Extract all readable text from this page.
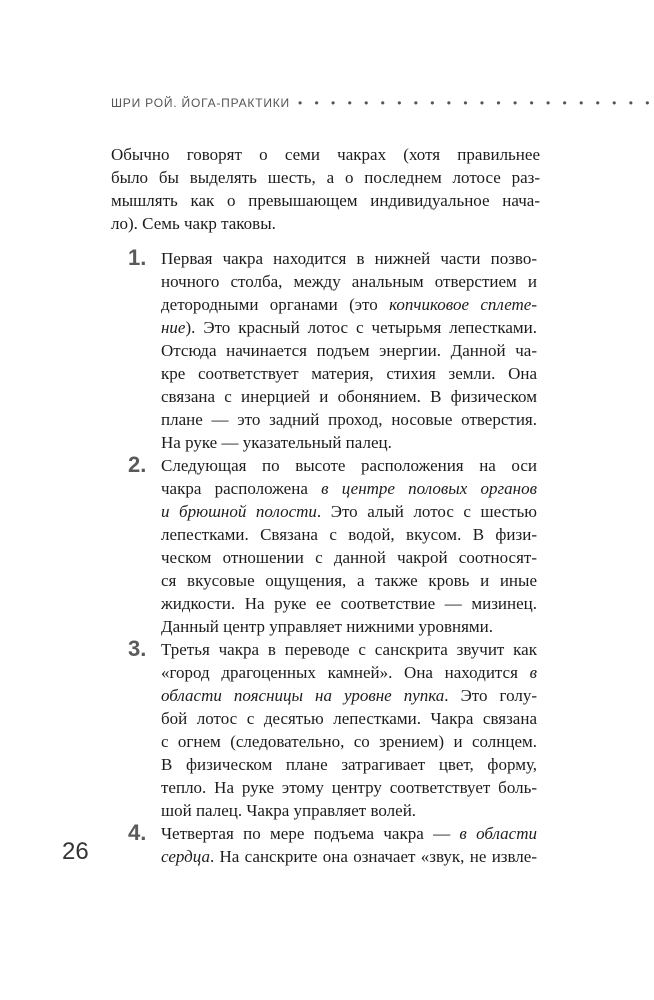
ШРИ РОЙ. ЙОГА-ПРАКТИКИ • • • • • • • • • • • • • • • • • • • • • •
Обычно говорят о семи чакрах (хотя правильнее
было бы выделять шесть, а о последнем лотосе раз-
мышлять как о превышающем индивидуальное нача-
ло). Семь чакр таковы.
1. Первая чакра находится в нижней части позво-
ночного столба, между анальным отверстием и
детородными органами (это копчиковое сплете-
ние). Это красный лотос с четырьмя лепестками.
Отсюда начинается подъем энергии. Данной ча-
кре соответствует материя, стихия земли. Она
связана с инерцией и обонянием. В физическом
плане — это задний проход, носовые отверстия.
На руке — указательный палец.
2. Следующая по высоте расположения на оси
чакра расположена в центре половых органов
и брюшной полости. Это алый лотос с шестью
лепестками. Связана с водой, вкусом. В физи-
ческом отношении с данной чакрой соотносят-
ся вкусовые ощущения, а также кровь и иные
жидкости. На руке ее соответствие — мизинец.
Данный центр управляет нижними уровнями.
3. Третья чакра в переводе с санскрита звучит как
«город драгоценных камней». Она находится в
области поясницы на уровне пупка. Это голу-
бой лотос с десятью лепестками. Чакра связана
с огнем (следовательно, со зрением) и солнцем.
В физическом плане затрагивает цвет, форму,
тепло. На руке этому центру соответствует боль-
шой палец. Чакра управляет волей.
4. Четвертая по мере подъема чакра — в области
сердца. На санскрите она означает «звук, не извле-
26
